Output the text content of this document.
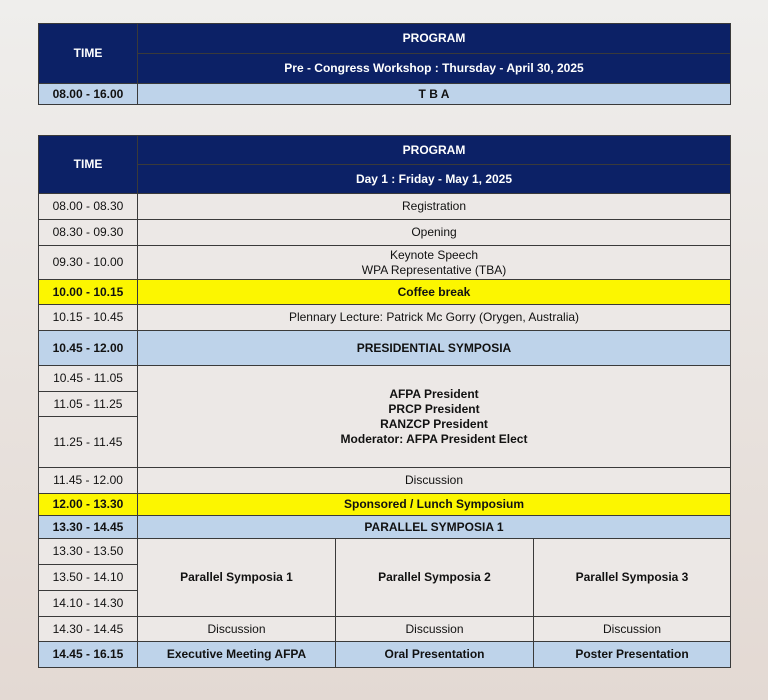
TIME	PROGRAM
	Pre - Congress Workshop : Thursday - April 30, 2025
08.00 - 16.00	T B A
TIME	PROGRAM		
	Day 1 : Friday - May 1, 2025		
08.00 - 08.30	Registration		
08.30 - 09.30	Opening		
09.30 - 10.00	Keynote Speech
WPA Representative (TBA)		

10.00 - 10.15	Coffee break		
10.15 - 10.45	Plennary Lecture: Patrick Mc Gorry (Orygen, Australia)		
10.45 - 12.00	PRESIDENTIAL SYMPOSIA		
10.45 - 11.05	AFPA President
PRCP President
RANZCP President
Moderator: AFPA President Elect		

11.05 - 11.25			
11.25 - 11.45			
11.45 - 12.00	Discussion		
12.00 - 13.30	Sponsored / Lunch Symposium		
13.30 - 14.45	PARALLEL SYMPOSIA 1		
13.30 - 13.50	Parallel Symposia 1	Parallel Symposia 2	Parallel Symposia 3
13.50 - 14.10			
14.10 - 14.30			
14.30 - 14.45	Discussion	Discussion	Discussion
14.45 - 16.15	Executive Meeting AFPA	Oral Presentation	Poster Presentation
